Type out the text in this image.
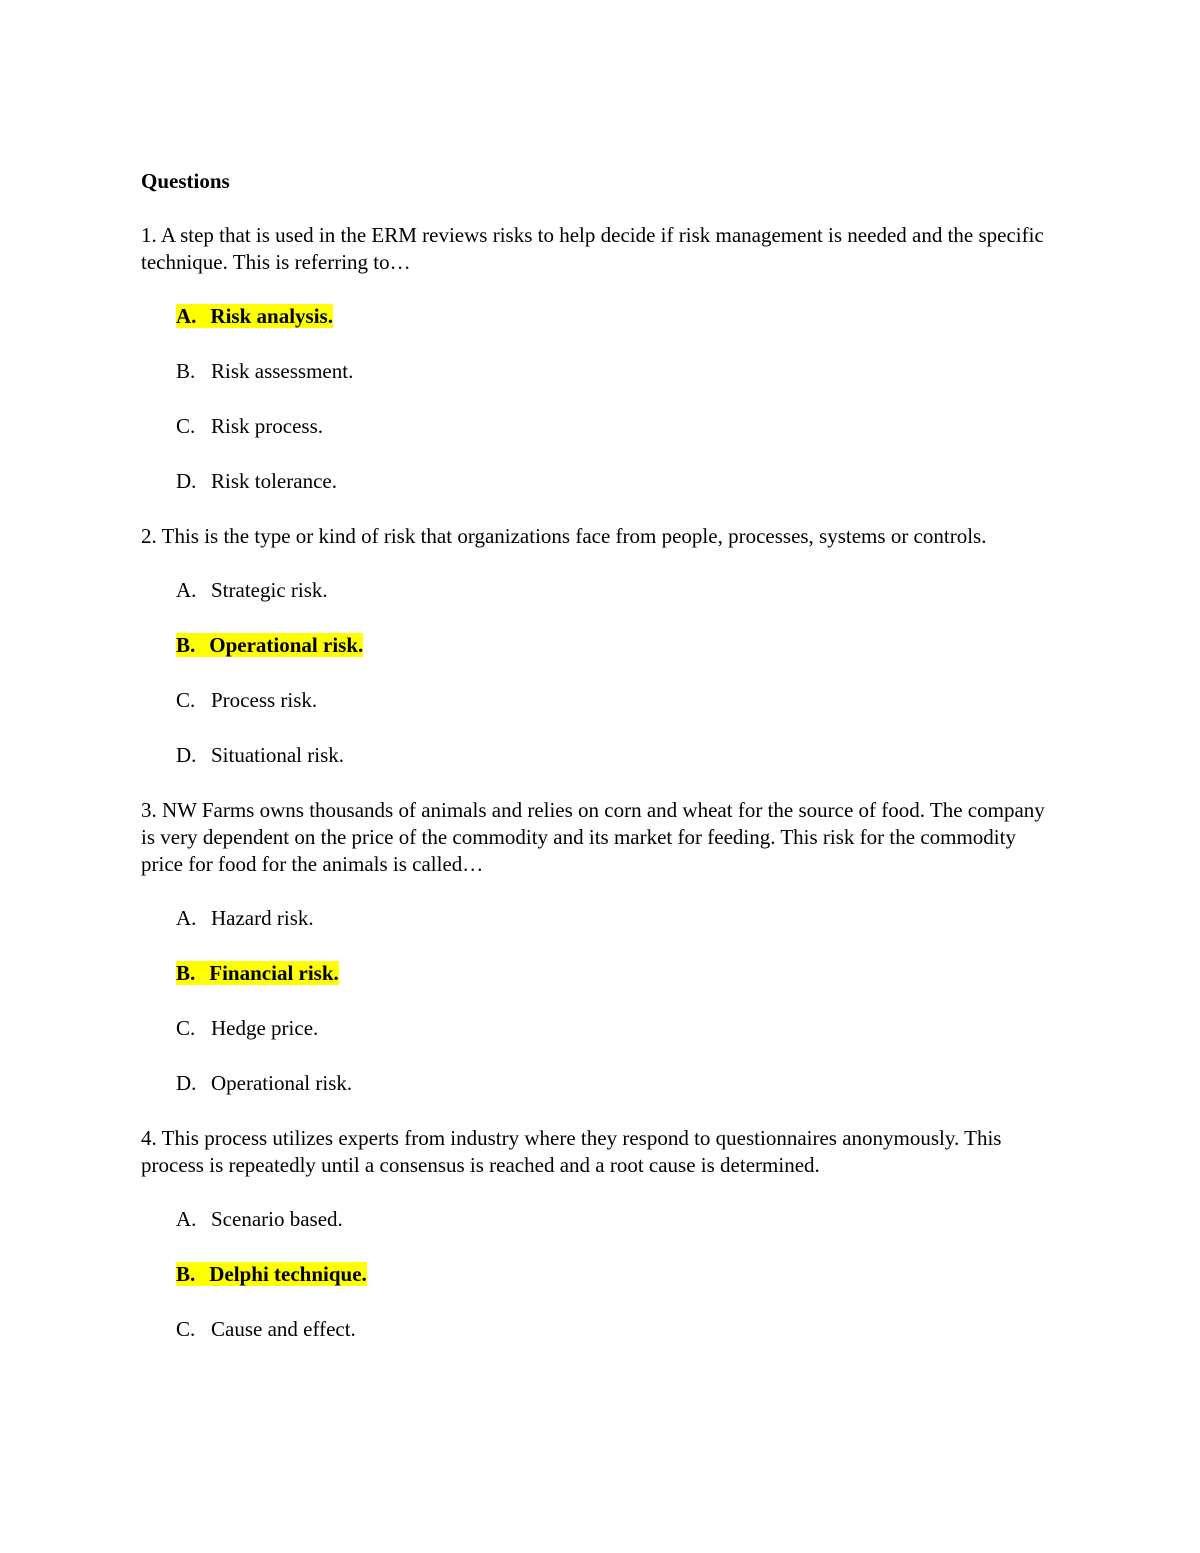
Questions
1. A step that is used in the ERM reviews risks to help decide if risk management is needed and the specific technique. This is referring to…
A. Risk analysis.
B. Risk assessment.
C. Risk process.
D. Risk tolerance.
2. This is the type or kind of risk that organizations face from people, processes, systems or controls.
A. Strategic risk.
B. Operational risk.
C. Process risk.
D. Situational risk.
3. NW Farms owns thousands of animals and relies on corn and wheat for the source of food. The company is very dependent on the price of the commodity and its market for feeding. This risk for the commodity price for food for the animals is called…
A. Hazard risk.
B. Financial risk.
C. Hedge price.
D. Operational risk.
4. This process utilizes experts from industry where they respond to questionnaires anonymously. This process is repeatedly until a consensus is reached and a root cause is determined.
A. Scenario based.
B. Delphi technique.
C. Cause and effect.
